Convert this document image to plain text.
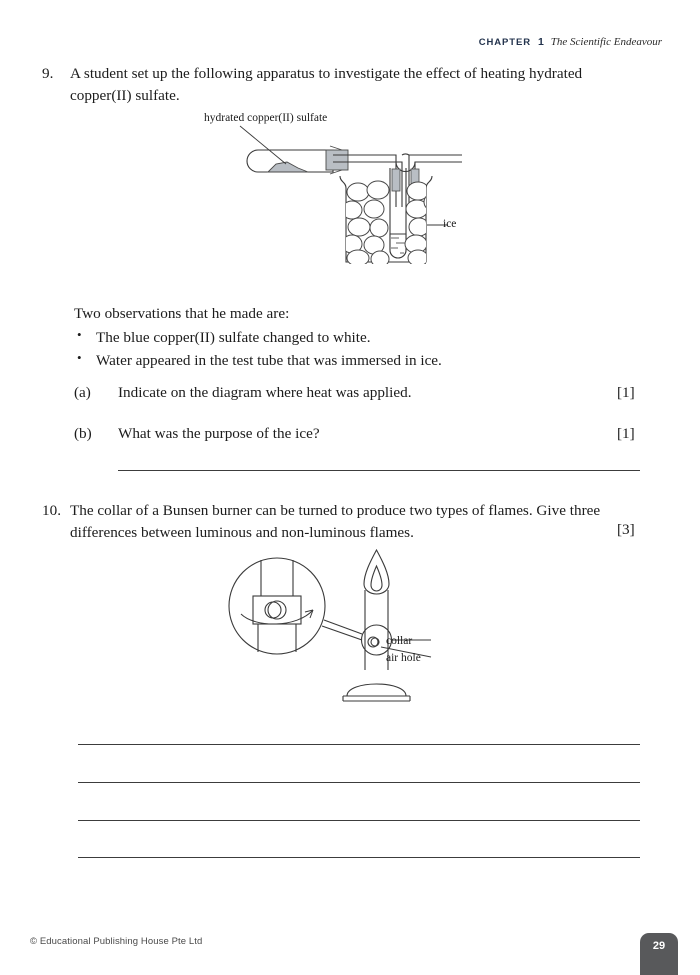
CHAPTER 1 The Scientific Endeavour
9.	A student set up the following apparatus to investigate the effect of heating hydrated copper(II) sulfate.
hydrated copper(II) sulfate
ice

Two observations that he made are:

• The blue copper(II) sulfate changed to white.
• Water appeared in the test tube that was immersed in ice.
(a)	Indicate on the diagram where heat was applied.	[1]
(b)	What was the purpose of the ice?	[1]
10. The collar of a Bunsen burner can be turned to produce two types of flames. Give three differences between luminous and non-luminous flames.	[3]
collar
air hole
© Educational Publishing House Pte Ltd	29
